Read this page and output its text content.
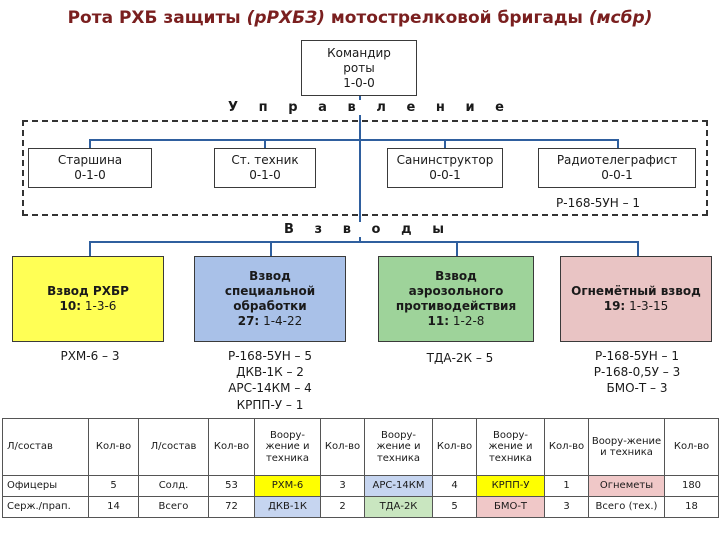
Рота РХБ защиты (рРХБЗ) мотострелковой бригады (мсбр)
Командир роты
1-0-0
У п р а в л е н и е
Старшина
0-1-0
Ст. техник
0-1-0
Санинструктор
0-0-1
Радиотелеграфист
0-0-1
Р-168-5УН – 1
В з в о д ы
Взвод РХБР
10: 1-3-6
Взвод специальной обработки
27: 1-4-22
Взвод аэрозольного противодействия
11: 1-2-8
Огнемётный взвод
19: 1-3-15
РХМ-6 – 3	Р-168-5УН – 5
ДКВ-1К – 2
АРС-14КМ – 4
КРПП-У – 1
ТДА-2К – 5	Р-168-5УН – 1
Р-168-0,5У – 3
БМО-Т – 3
Л/состав	Кол-во	Л/состав	Кол-во	Воору-жение и техника	Кол-во	Воору-жение и техника	Кол-во	Воору-жение и техника	Кол-во	Воору-жение и техника	Кол-во
Офицеры	5	Солд.	53	РХМ-6	3	АРС-14КМ	4	КРПП-У	1	Огнеметы	180
Серж./прап.	14	Всего	72	ДКВ-1К	2	ТДА-2К	5	БМО-Т	3	Всего (тех.)	18
